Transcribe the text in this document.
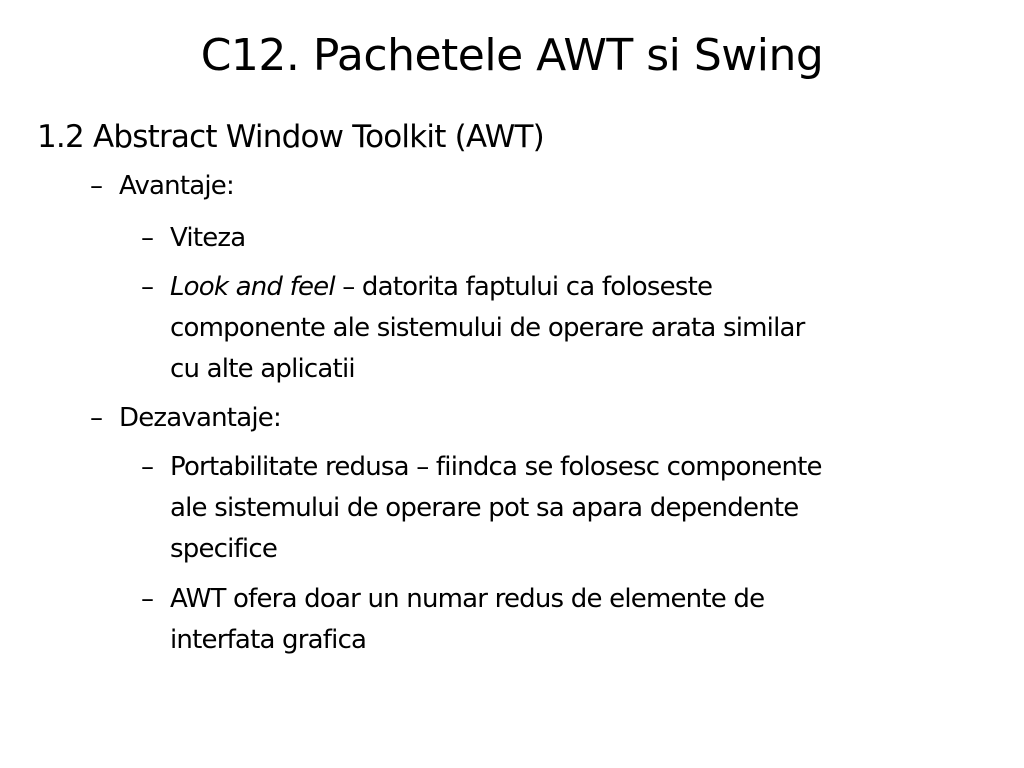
C12. Pachetele AWT si Swing

1.2 Abstract Window Toolkit (AWT)

– Avantaje:

– Viteza

– Look and feel – datorita faptului ca foloseste

componente ale sistemului de operare arata similar

cu alte aplicatii

– Dezavantaje:

– Portabilitate redusa – fiindca se folosesc componente

ale sistemului de operare pot sa apara dependente

specifice

– AWT ofera doar un numar redus de elemente de

interfata grafica
